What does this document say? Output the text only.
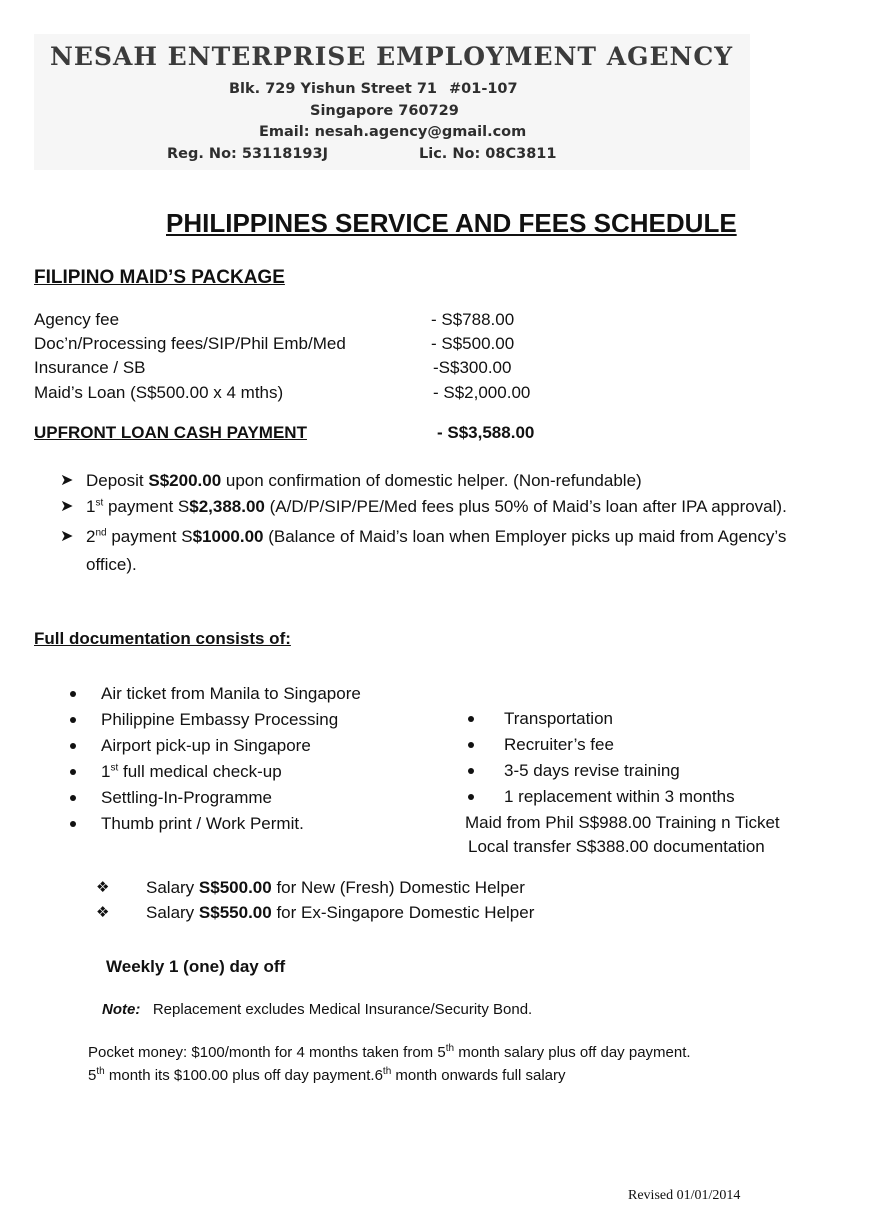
NESAH ENTERPRISE EMPLOYMENT AGENCY
Blk. 729 Yishun Street 71 #01-107
Singapore 760729
Email: nesah.agency@gmail.com
Reg. No: 53118193J	Lic. No: 08C3811
PHILIPPINES SERVICE AND FEES SCHEDULE
FILIPINO MAID’S PACKAGE
Agency fee	- S$788.00
Doc’n/Processing fees/SIP/Phil Emb/Med	- S$500.00
Insurance / SB	-S$300.00
Maid’s Loan (S$500.00 x 4 mths)	- S$2,000.00
UPFRONT LOAN CASH PAYMENT	- S$3,588.00
➤ Deposit S$200.00 upon confirmation of domestic helper. (Non-refundable)
➤ 1st payment S$2,388.00 (A/D/P/SIP/PE/Med fees plus 50% of Maid’s loan after IPA approval).
➤ 2nd payment S$1000.00 (Balance of Maid’s loan when Employer picks up maid from Agency’s
office).
Full documentation consists of:
Air ticket from Manila to Singapore
Philippine Embassy Processing
Airport pick-up in Singapore
1st full medical check-up
Settling-In-Programme
Thumb print / Work Permit.
Transportation
Recruiter’s fee
3-5 days revise training
1 replacement within 3 months
Maid from Phil S$988.00 Training n Ticket
Local transfer S$388.00 documentation
❖ Salary S$500.00 for New (Fresh) Domestic Helper
❖ Salary S$550.00 for Ex-Singapore Domestic Helper
Weekly 1 (one) day off
Note: Replacement excludes Medical Insurance/Security Bond.
Pocket money: $100/month for 4 months taken from 5th month salary plus off day payment.
5th month its $100.00 plus off day payment.6th month onwards full salary
Revised 01/01/2014
